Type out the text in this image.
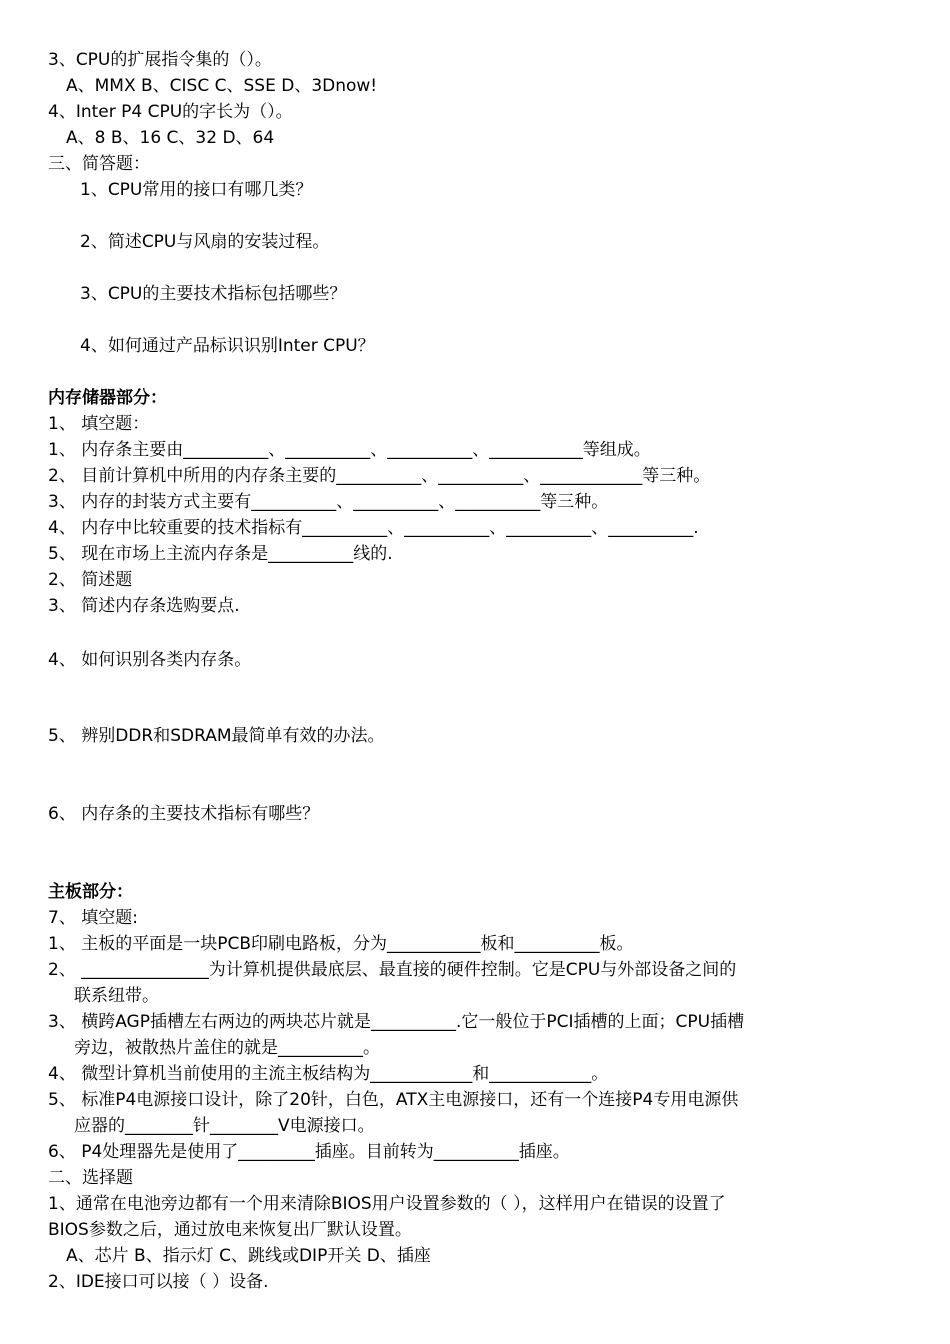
3、CPU的扩展指令集的（）。
A、MMX B、CISC C、SSE D、3Dnow!
4、Inter P4 CPU的字长为（）。
A、8 B、16 C、32 D、64
三、简答题：
1、CPU常用的接口有哪几类？
2、简述CPU与风扇的安装过程。
3、CPU的主要技术指标包括哪些？
4、如何通过产品标识识别Inter CPU？
内存储器部分：
1、 填空题：
1、 内存条主要由__________、__________、__________、___________等组成。
2、 目前计算机中所用的内存条主要的__________、__________、____________等三种。
3、 内存的封装方式主要有__________、__________、__________等三种。
4、 内存中比较重要的技术指标有__________、__________、__________、__________.
5、 现在市场上主流内存条是__________线的.
2、 简述题
3、 简述内存条选购要点.
4、 如何识别各类内存条。
5、 辨别DDR和SDRAM最简单有效的办法。
6、 内存条的主要技术指标有哪些？
主板部分：
7、 填空题:
1、 主板的平面是一块PCB印刷电路板，分为___________板和__________板。
2、 _______________为计算机提供最底层、最直接的硬件控制。它是CPU与外部设备之间的
联系纽带。
3、 横跨AGP插槽左右两边的两块芯片就是__________.它一般位于PCI插槽的上面；CPU插槽
旁边，被散热片盖住的就是__________。
4、 微型计算机当前使用的主流主板结构为____________和____________。
5、 标准P4电源接口设计，除了20针，白色，ATX主电源接口，还有一个连接P4专用电源供
应器的________针________V电源接口。
6、 P4处理器先是使用了_________插座。目前转为__________插座。
二、选择题
1、通常在电池旁边都有一个用来清除BIOS用户设置参数的（ ），这样用户在错误的设置了
BIOS参数之后，通过放电来恢复出厂默认设置。
A、芯片 B、指示灯 C、跳线或DIP开关 D、插座
2、IDE接口可以接（ ）设备.
